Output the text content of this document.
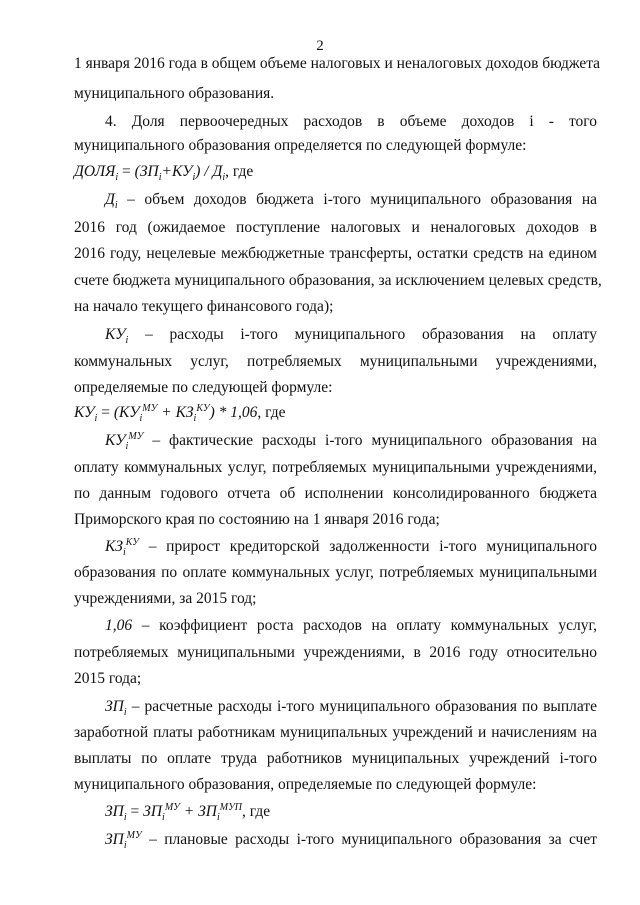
2
1 января 2016 года в общем объеме налоговых и неналоговых доходов бюджета
муниципального образования.
4. Доля первоочередных расходов в объеме доходов i - того
муниципального образования определяется по следующей формуле:
$ДОЛЯ_i = (ЗП_i+КУ_i) / Д_i$, где
$Д_i$ – объем доходов бюджета i-того муниципального образования на
2016 год (ожидаемое поступление налоговых и неналоговых доходов в
2016 году, нецелевые межбюджетные трансферты, остатки средств на едином
счете бюджета муниципального образования, за исключением целевых средств,
на начало текущего финансового года);
$КУ_i$ – расходы i-того муниципального образования на оплату
коммунальных услуг, потребляемых муниципальными учреждениями,
определяемые по следующей формуле:
$КУ_i = (КУ_i^{МУ} + КЗ_i^{КУ}) * 1,06$, где
$КУ_i^{МУ}$ – фактические расходы i-того муниципального образования на
оплату коммунальных услуг, потребляемых муниципальными учреждениями,
по данным годового отчета об исполнении консолидированного бюджета
Приморского края по состоянию на 1 января 2016 года;
$КЗ_i^{КУ}$ – прирост кредиторской задолженности i-того муниципального
образования по оплате коммунальных услуг, потребляемых муниципальными
учреждениями, за 2015 год;
1,06 – коэффициент роста расходов на оплату коммунальных услуг,
потребляемых муниципальными учреждениями, в 2016 году относительно
2015 года;
$ЗП_i$ – расчетные расходы i-того муниципального образования по выплате
заработной платы работникам муниципальных учреждений и начислениям на
выплаты по оплате труда работников муниципальных учреждений i-того
муниципального образования, определяемые по следующей формуле:
$ЗП_i = ЗП_i^{МУ} + ЗП_i^{МУП}$, где
$ЗП_i^{МУ}$ – плановые расходы i-того муниципального образования за счет
